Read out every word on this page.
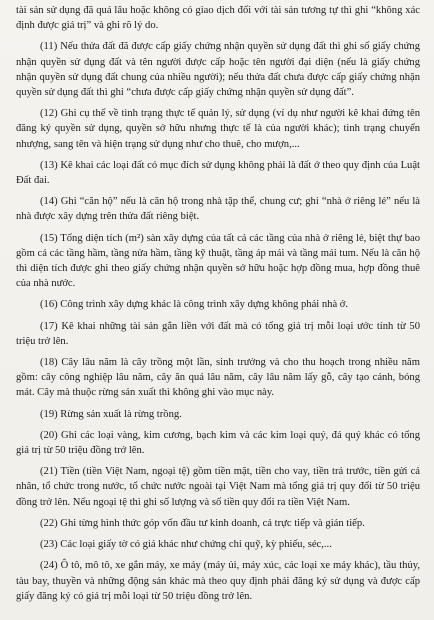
tài sản sử dụng đã quá lâu hoặc không có giao dịch đối với tài sản tương tự thì ghi “không xác định được giá trị” và ghi rõ lý do.

(11) Nếu thửa đất đã được cấp giấy chứng nhận quyền sử dụng đất thì ghi số giấy chứng nhận quyền sử dụng đất và tên người được cấp hoặc tên người đại diện (nếu là giấy chứng nhận quyền sử dụng đất chung của nhiều người); nếu thửa đất chưa được cấp giấy chứng nhận quyền sử dụng đất thì ghi “chưa được cấp giấy chứng nhận quyền sử dụng đất”.

(12) Ghi cụ thể về tình trạng thực tế quản lý, sử dụng (ví dụ như người kê khai đứng tên đăng ký quyền sử dụng, quyền sở hữu nhưng thực tế là của người khác); tình trạng chuyển nhượng, sang tên và hiện trạng sử dụng như cho thuê, cho mượn,...

(13) Kê khai các loại đất có mục đích sử dụng không phải là đất ở theo quy định của Luật Đất đai.

(14) Ghi “căn hộ” nếu là căn hộ trong nhà tập thể, chung cư; ghi “nhà ở riêng lẻ” nếu là nhà được xây dựng trên thửa đất riêng biệt.

(15) Tổng diện tích (m²) sàn xây dựng của tất cả các tầng của nhà ở riêng lẻ, biệt thự bao gồm cả các tầng hầm, tầng nửa hầm, tầng kỹ thuật, tầng áp mái và tầng mái tum. Nếu là căn hộ thì diện tích được ghi theo giấy chứng nhận quyền sở hữu hoặc hợp đồng mua, hợp đồng thuê của nhà nước.

(16) Công trình xây dựng khác là công trình xây dựng không phải nhà ở.

(17) Kê khai những tài sản gắn liền với đất mà có tổng giá trị mỗi loại ước tính từ 50 triệu trở lên.

(18) Cây lâu năm là cây trồng một lần, sinh trưởng và cho thu hoạch trong nhiều năm gồm: cây công nghiệp lâu năm, cây ăn quả lâu năm, cây lâu năm lấy gỗ, cây tạo cảnh, bóng mát. Cây mà thuộc rừng sản xuất thì không ghi vào mục này.

(19) Rừng sản xuất là rừng trồng.

(20) Ghi các loại vàng, kim cương, bạch kim và các kim loại quý, đá quý khác có tổng giá trị từ 50 triệu đồng trở lên.

(21) Tiền (tiền Việt Nam, ngoại tệ) gồm tiền mặt, tiền cho vay, tiền trả trước, tiền gửi cá nhân, tổ chức trong nước, tổ chức nước ngoài tại Việt Nam mà tổng giá trị quy đổi từ 50 triệu đồng trở lên. Nếu ngoại tệ thì ghi số lượng và số tiền quy đổi ra tiền Việt Nam.

(22) Ghi từng hình thức góp vốn đầu tư kinh doanh, cả trực tiếp và gián tiếp.

(23) Các loại giấy tờ có giá khác như chứng chỉ quỹ, kỳ phiếu, séc,...

(24) Ô tô, mô tô, xe gắn máy, xe máy (máy ủi, máy xúc, các loại xe máy khác), tầu thủy, tàu bay, thuyền và những động sản khác mà theo quy định phải đăng ký sử dụng và được cấp giấy đăng ký có giá trị mỗi loại từ 50 triệu đồng trở lên.
